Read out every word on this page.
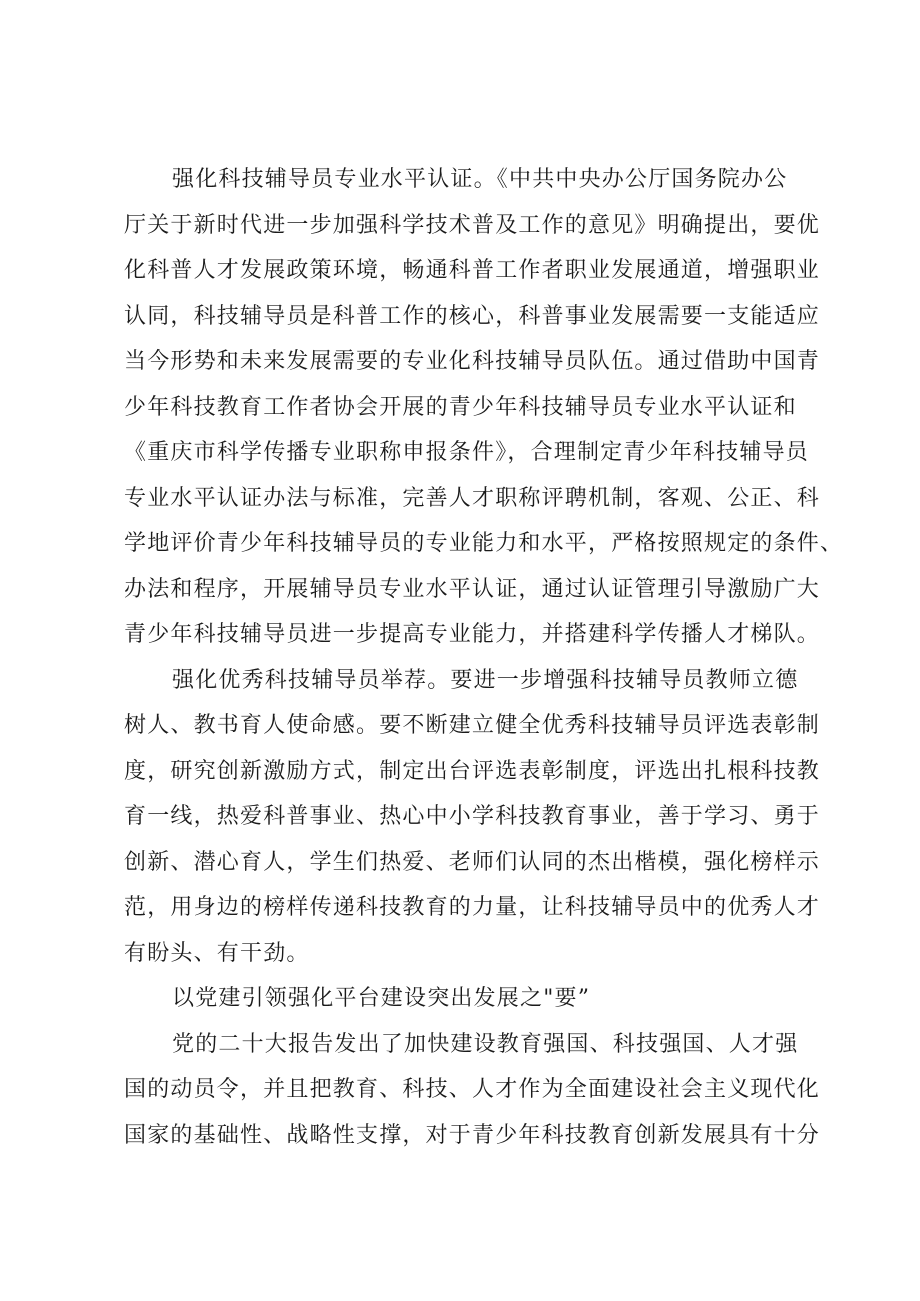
强化科技辅导员专业水平认证。《中共中央办公厅国务院办公
厅关于新时代进一步加强科学技术普及工作的意见》明确提出，要优
化科普人才发展政策环境，畅通科普工作者职业发展通道，增强职业
认同，科技辅导员是科普工作的核心，科普事业发展需要一支能适应
当今形势和未来发展需要的专业化科技辅导员队伍。通过借助中国青
少年科技教育工作者协会开展的青少年科技辅导员专业水平认证和
《重庆市科学传播专业职称申报条件》，合理制定青少年科技辅导员
专业水平认证办法与标准，完善人才职称评聘机制，客观、公正、科
学地评价青少年科技辅导员的专业能力和水平，严格按照规定的条件、
办法和程序，开展辅导员专业水平认证，通过认证管理引导激励广大
青少年科技辅导员进一步提高专业能力，并搭建科学传播人才梯队。
强化优秀科技辅导员举荐。要进一步增强科技辅导员教师立德
树人、教书育人使命感。要不断建立健全优秀科技辅导员评选表彰制
度，研究创新激励方式，制定出台评选表彰制度，评选出扎根科技教
育一线，热爱科普事业、热心中小学科技教育事业，善于学习、勇于
创新、潜心育人，学生们热爱、老师们认同的杰出楷模，强化榜样示
范，用身边的榜样传递科技教育的力量，让科技辅导员中的优秀人才
有盼头、有干劲。
以党建引领强化平台建设突出发展之"要”
党的二十大报告发出了加快建设教育强国、科技强国、人才强
国的动员令，并且把教育、科技、人才作为全面建设社会主义现代化
国家的基础性、战略性支撑，对于青少年科技教育创新发展具有十分
